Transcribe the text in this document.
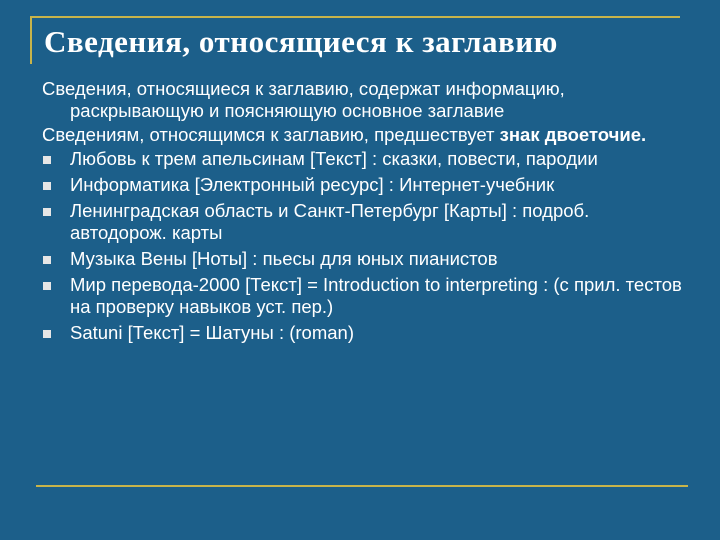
Сведения, относящиеся к заглавию

Сведения, относящиеся к заглавию, содержат информацию, раскрывающую и поясняющую основное заглавие

Сведениям, относящимся к заглавию, предшествует знак двоеточие.

Любовь к трем апельсинам [Текст] : сказки, повести, пародии
Информатика [Электронный ресурс] : Интернет-учебник
Ленинградская область и Санкт-Петербург [Карты] : подроб. автодорож. карты
Музыка Вены [Ноты] : пьесы для юных пианистов
Мир перевода-2000 [Текст] = Introduction to interpreting : (с прил. тестов на проверку навыков уст. пер.)
Satuni [Текст] = Шатуны : (roman)
